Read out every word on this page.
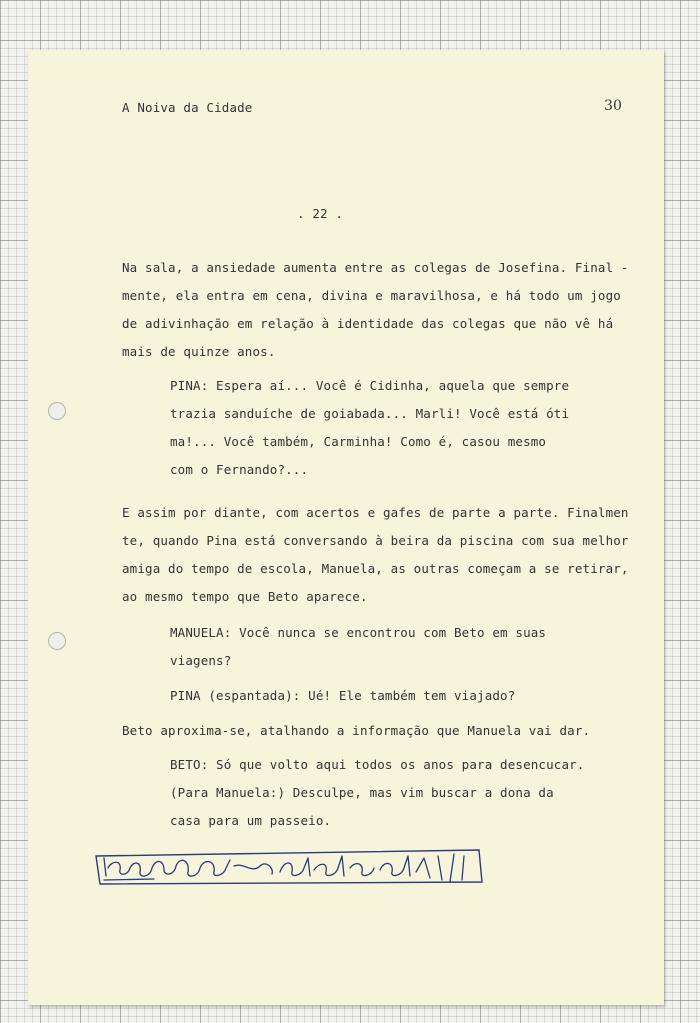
A Noiva da Cidade	30
. 22 .
Na sala, a ansiedade aumenta entre as colegas de Josefina. Final -
mente, ela entra em cena, divina e maravilhosa, e há todo um jogo
de adivinhação em relação à identidade das colegas que não vê há
mais de quinze anos.
PINA: Espera aí... Você é Cidinha, aquela que sempre
trazia sanduíche de goiabada... Marli! Você está óti
ma!... Você também, Carminha! Como é, casou mesmo
com o Fernando?...
E assim por diante, com acertos e gafes de parte a parte. Finalmen
te, quando Pina está conversando à beira da piscina com sua melhor
amiga do tempo de escola, Manuela, as outras começam a se retirar,
ao mesmo tempo que Beto aparece.
MANUELA: Você nunca se encontrou com Beto em suas
viagens?
PINA (espantada): Ué! Ele também tem viajado?
Beto aproxima-se, atalhando a informação que Manuela vai dar.
BETO: Só que volto aqui todos os anos para desencucar.
(Para Manuela:) Desculpe, mas vim buscar a dona da
casa para um passeio.
